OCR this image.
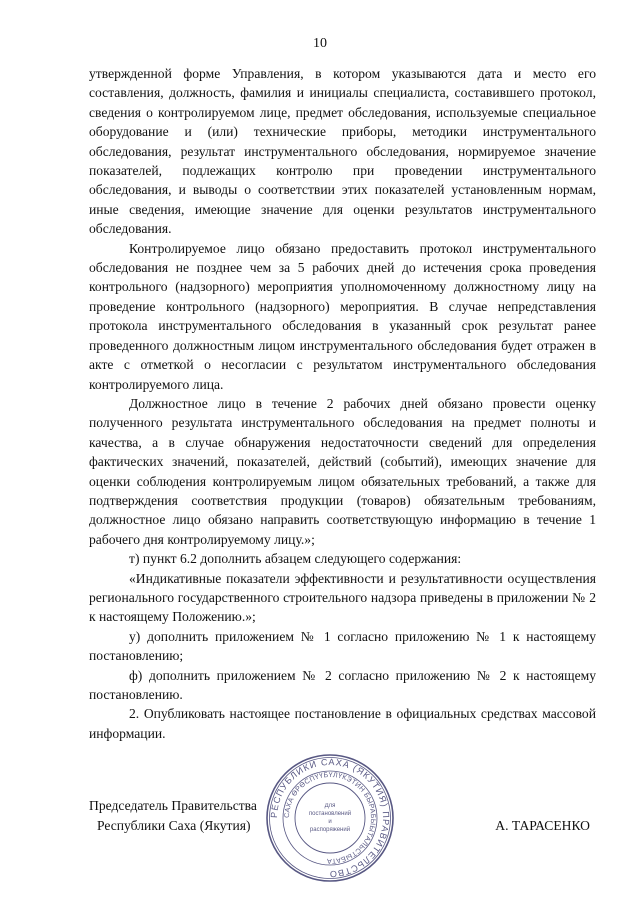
10

утвержденной форме Управления, в котором указываются дата и место его составления, должность, фамилия и инициалы специалиста, составившего протокол, сведения о контролируемом лице, предмет обследования, используемые специальное оборудование и (или) технические приборы, методики инструментального обследования, результат инструментального обследования, нормируемое значение показателей, подлежащих контролю при проведении инструментального обследования, и выводы о соответствии этих показателей установленным нормам, иные сведения, имеющие значение для оценки результатов инструментального обследования.

Контролируемое лицо обязано предоставить протокол инструментального обследования не позднее чем за 5 рабочих дней до истечения срока проведения контрольного (надзорного) мероприятия уполномоченному должностному лицу на проведение контрольного (надзорного) мероприятия. В случае непредставления протокола инструментального обследования в указанный срок результат ранее проведенного должностным лицом инструментального обследования будет отражен в акте с отметкой о несогласии с результатом инструментального обследования контролируемого лица.

Должностное лицо в течение 2 рабочих дней обязано провести оценку полученного результата инструментального обследования на предмет полноты и качества, а в случае обнаружения недостаточности сведений для определения фактических значений, показателей, действий (событий), имеющих значение для оценки соблюдения контролируемым лицом обязательных требований, а также для подтверждения соответствия продукции (товаров) обязательным требованиям, должностное лицо обязано направить соответствующую информацию в течение 1 рабочего дня контролируемому лицу.»;

т) пункт 6.2 дополнить абзацем следующего содержания:

«Индикативные показатели эффективности и результативности осуществления регионального государственного строительного надзора приведены в приложении № 2 к настоящему Положению.»;

у) дополнить приложением № 1 согласно приложению № 1 к настоящему постановлению;

ф) дополнить приложением № 2 согласно приложению № 2 к настоящему постановлению.

2. Опубликовать настоящее постановление в официальных средствах массовой информации.

Председатель Правительства
Республики Саха (Якутия)	А. ТАРАСЕНКО
РЕСПУБЛИКИ САХА (ЯКУТИЯ) ПРАВИТЕЛЬСТВО
САХА ӨРӨСПҮҮБҮЛҮКЭТИН БЫРАБЫЫТАЛЬСТЫБАТА
Для
постановлений
и
распоряжений
